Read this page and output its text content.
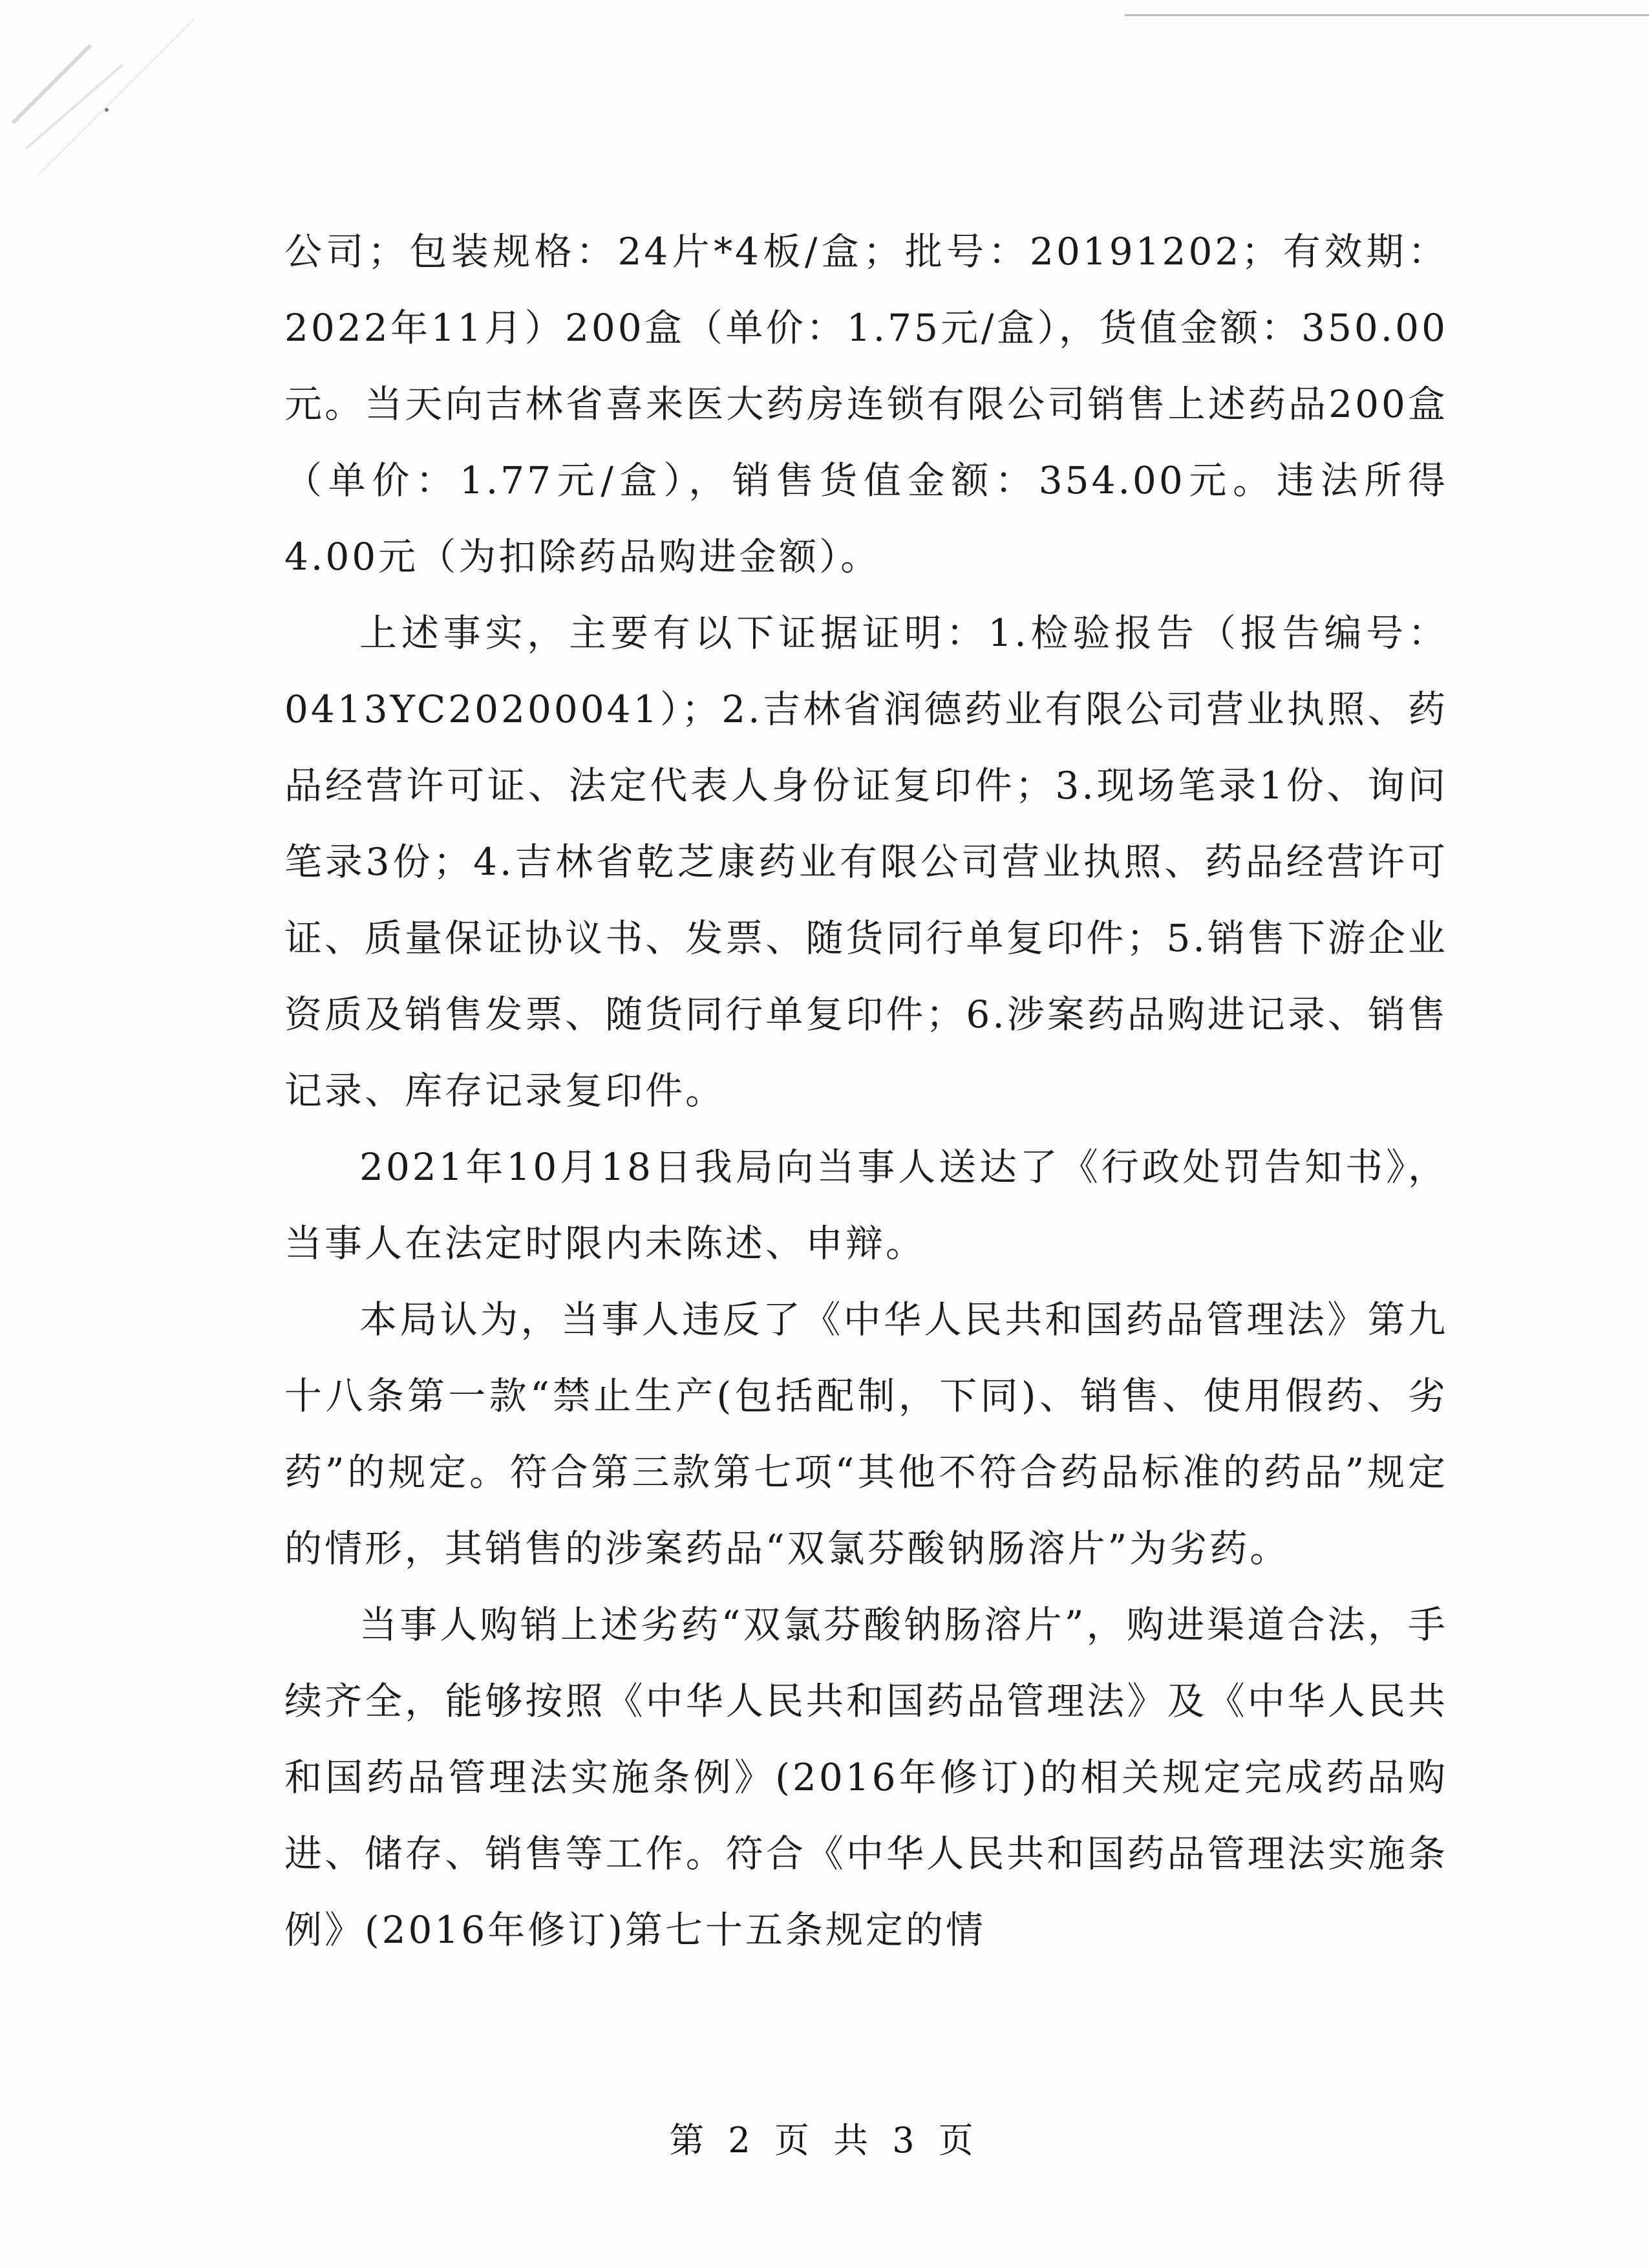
公司；包装规格：24片*4板/盒；批号：20191202；有效期：2022年11月）200盒（单价：1.75元/盒），货值金额：350.00元。当天向吉林省喜来医大药房连锁有限公司销售上述药品200盒（单价：1.77元/盒），销售货值金额：354.00元。违法所得4.00元（为扣除药品购进金额）。

上述事实，主要有以下证据证明：1.检验报告（报告编号：0413YC20200041）；2.吉林省润德药业有限公司营业执照、药品经营许可证、法定代表人身份证复印件；3.现场笔录1份、询问笔录3份；4.吉林省乾芝康药业有限公司营业执照、药品经营许可证、质量保证协议书、发票、随货同行单复印件；5.销售下游企业资质及销售发票、随货同行单复印件；6.涉案药品购进记录、销售记录、库存记录复印件。

2021年10月18日我局向当事人送达了《行政处罚告知书》，当事人在法定时限内未陈述、申辩。

本局认为，当事人违反了《中华人民共和国药品管理法》第九十八条第一款“禁止生产(包括配制，下同)、销售、使用假药、劣药”的规定。符合第三款第七项“其他不符合药品标准的药品”规定的情形，其销售的涉案药品“双氯芬酸钠肠溶片”为劣药。

当事人购销上述劣药“双氯芬酸钠肠溶片”，购进渠道合法，手续齐全，能够按照《中华人民共和国药品管理法》及《中华人民共和国药品管理法实施条例》(2016年修订)的相关规定完成药品购进、储存、销售等工作。符合《中华人民共和国药品管理法实施条例》(2016年修订)第七十五条规定的情

第 2 页 共 3 页
